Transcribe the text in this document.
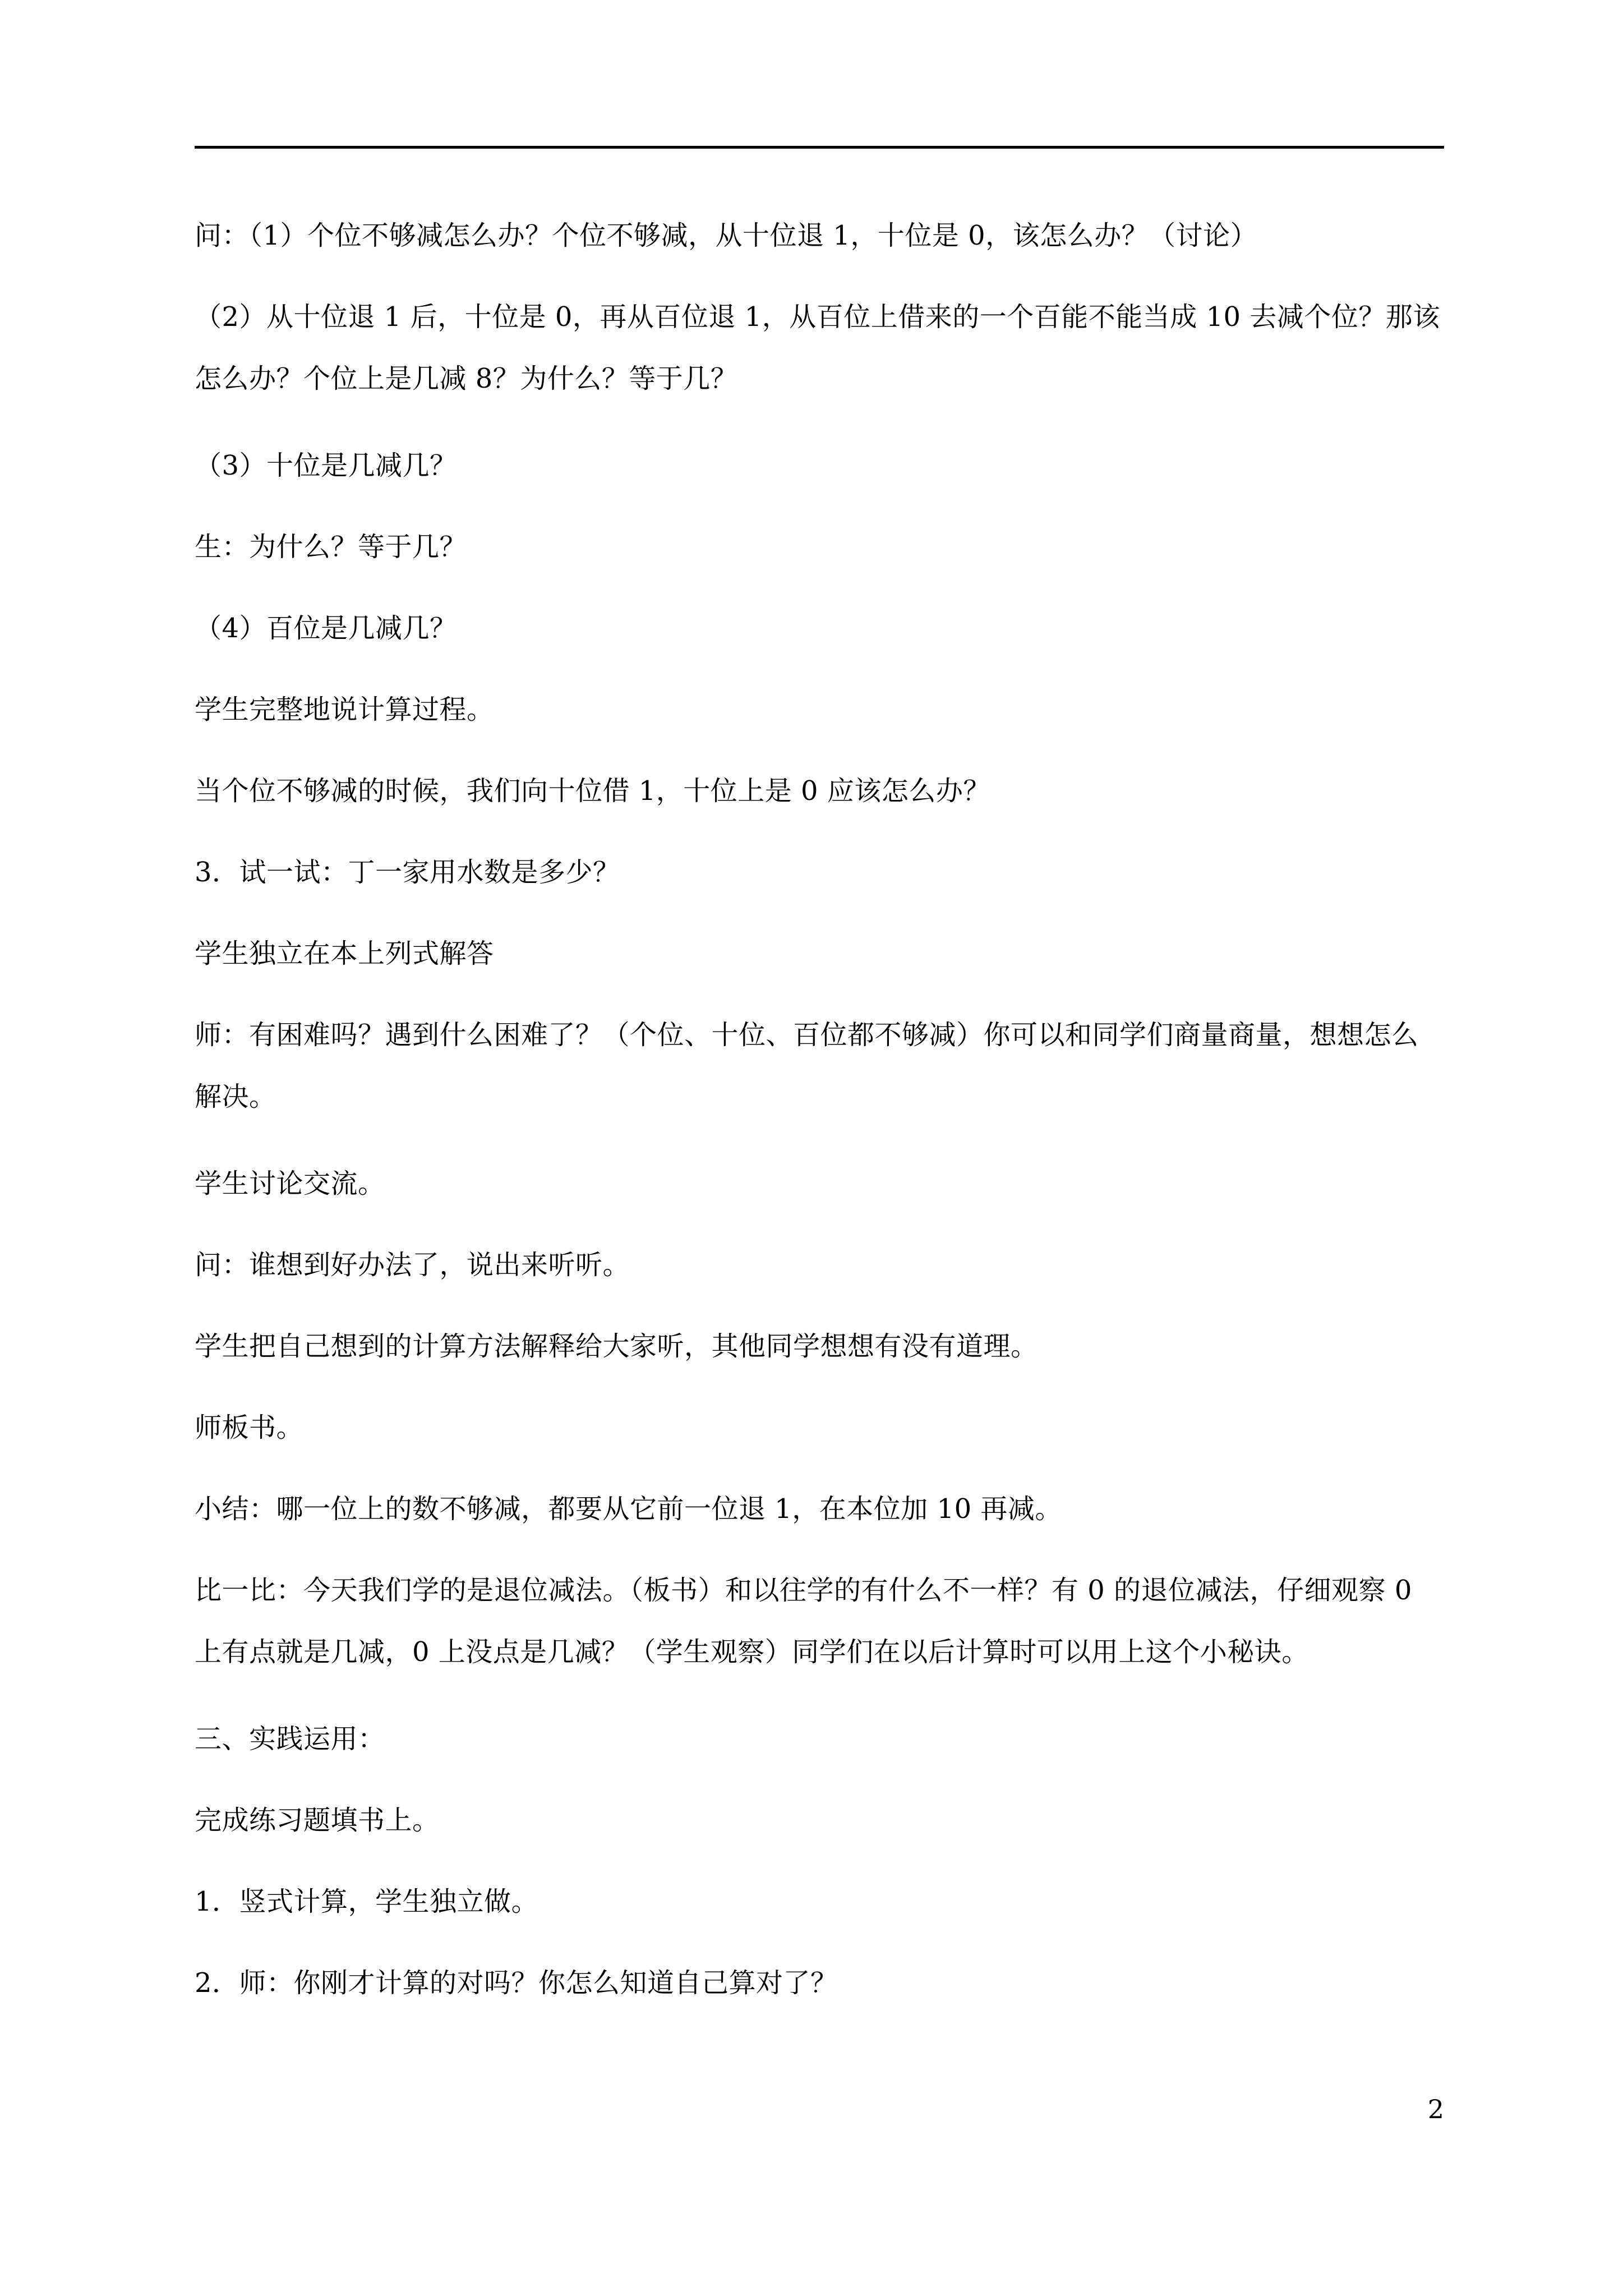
问：（1）个位不够减怎么办？个位不够减，从十位退 1，十位是 0，该怎么办？（讨论）
（2）从十位退 1 后，十位是 0，再从百位退 1，从百位上借来的一个百能不能当成 10 去减个位？那该怎么办？个位上是几减 8？为什么？等于几？
（3）十位是几减几？
生：为什么？等于几？
（4）百位是几减几？
学生完整地说计算过程。
当个位不够减的时候，我们向十位借 1，十位上是 0 应该怎么办？
3．试一试：丁一家用水数是多少？
学生独立在本上列式解答
师：有困难吗？遇到什么困难了？（个位、十位、百位都不够减）你可以和同学们商量商量，想想怎么解决。
学生讨论交流。
问：谁想到好办法了，说出来听听。
学生把自己想到的计算方法解释给大家听，其他同学想想有没有道理。
师板书。
小结：哪一位上的数不够减，都要从它前一位退 1，在本位加 10 再减。
比一比：今天我们学的是退位减法。（板书）和以往学的有什么不一样？有 0 的退位减法，仔细观察 0 上有点就是几减，0 上没点是几减？（学生观察）同学们在以后计算时可以用上这个小秘诀。
三、实践运用：
完成练习题填书上。
1．竖式计算，学生独立做。
2．师：你刚才计算的对吗？你怎么知道自己算对了？
2
